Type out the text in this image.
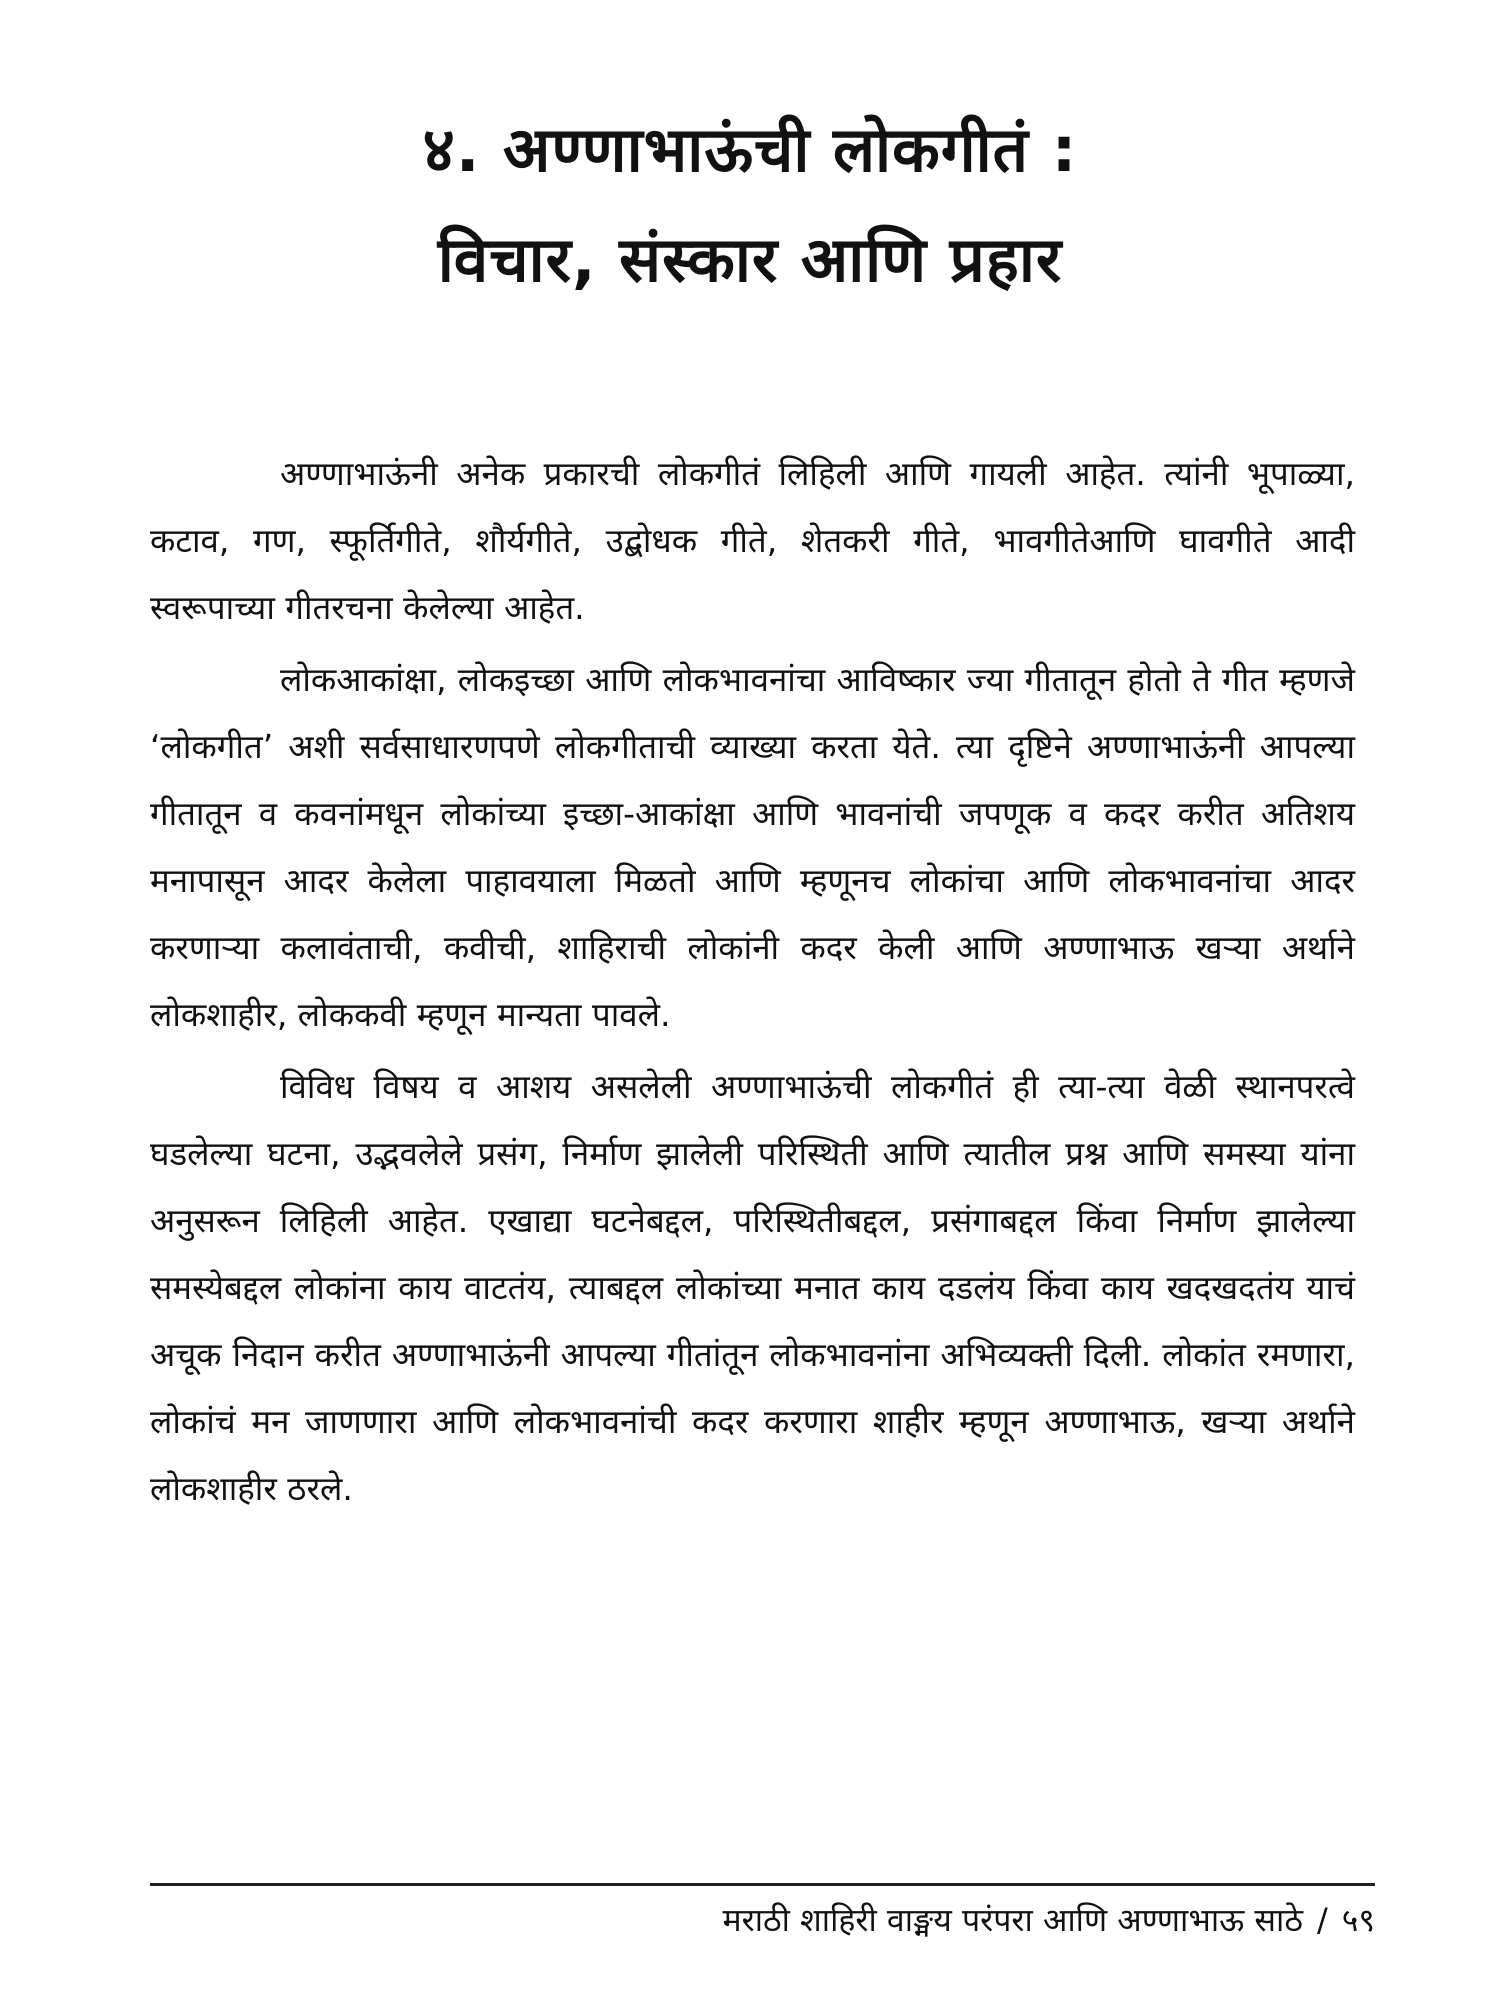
४. अण्णाभाऊंची लोकगीतं :

विचार, संस्कार आणि प्रहार

अण्णाभाऊंनी अनेक प्रकारची लोकगीतं लिहिली आणि गायली आहेत. त्यांनी भूपाळ्या, कटाव, गण, स्फूर्तिगीते, शौर्यगीते, उद्बोधक गीते, शेतकरी गीते, भावगीतेआणि घावगीते आदी स्वरूपाच्या गीतरचना केलेल्या आहेत.

लोकआकांक्षा, लोकइच्छा आणि लोकभावनांचा आविष्कार ज्या गीतातून होतो ते गीत म्हणजे ‘लोकगीत’ अशी सर्वसाधारणपणे लोकगीताची व्याख्या करता येते. त्या दृष्टिने अण्णाभाऊंनी आपल्या गीतातून व कवनांमधून लोकांच्या इच्छा-आकांक्षा आणि भावनांची जपणूक व कदर करीत अतिशय मनापासून आदर केलेला पाहावयाला मिळतो आणि म्हणूनच लोकांचा आणि लोकभावनांचा आदर करणाऱ्या कलावंताची, कवीची, शाहिराची लोकांनी कदर केली आणि अण्णाभाऊ खऱ्या अर्थाने लोकशाहीर, लोककवी म्हणून मान्यता पावले.

विविध विषय व आशय असलेली अण्णाभाऊंची लोकगीतं ही त्या-त्या वेळी स्थानपरत्वे घडलेल्या घटना, उद्भवलेले प्रसंग, निर्माण झालेली परिस्थिती आणि त्यातील प्रश्न आणि समस्या यांना अनुसरून लिहिली आहेत. एखाद्या घटनेबद्दल, परिस्थितीबद्दल, प्रसंगाबद्दल किंवा निर्माण झालेल्या समस्येबद्दल लोकांना काय वाटतंय, त्याबद्दल लोकांच्या मनात काय दडलंय किंवा काय खदखदतंय याचं अचूक निदान करीत अण्णाभाऊंनी आपल्या गीतांतून लोकभावनांना अभिव्यक्ती दिली. लोकांत रमणारा, लोकांचं मन जाणणारा आणि लोकभावनांची कदर करणारा शाहीर म्हणून अण्णाभाऊ, खऱ्या अर्थाने लोकशाहीर ठरले.

मराठी शाहिरी वाङ्मय परंपरा आणि अण्णाभाऊ साठे / ५९
